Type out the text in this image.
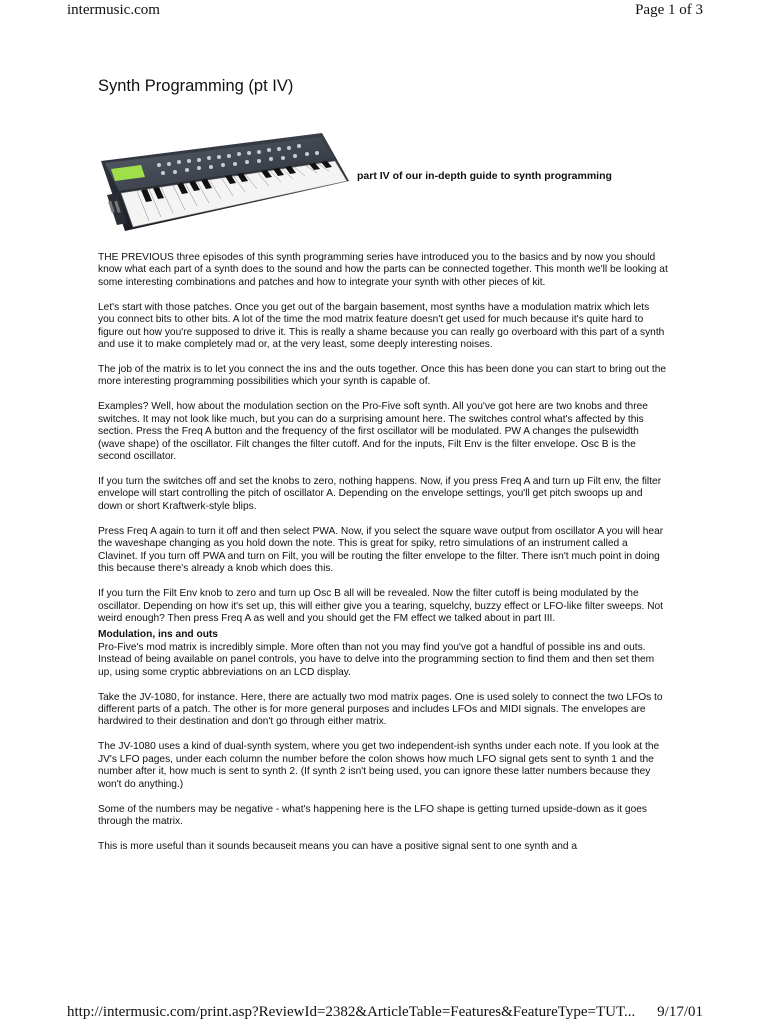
intermusic.com	Page 1 of 3
Synth Programming (pt IV)
part IV of our in-depth guide to synth programming

THE PREVIOUS three episodes of this synth programming series have introduced you to the basics and by now you should know what each part of a synth does to the sound and how the parts can be connected together. This month we'll be looking at some interesting combinations and patches and how to integrate your synth with other pieces of kit.

Let's start with those patches. Once you get out of the bargain basement, most synths have a modulation matrix which lets you connect bits to other bits. A lot of the time the mod matrix feature doesn't get used for much because it's quite hard to figure out how you're supposed to drive it. This is really a shame because you can really go overboard with this part of a synth and use it to make completely mad or, at the very least, some deeply interesting noises.

The job of the matrix is to let you connect the ins and the outs together. Once this has been done you can start to bring out the more interesting programming possibilities which your synth is capable of.

Examples? Well, how about the modulation section on the Pro-Five soft synth. All you've got here are two knobs and three switches. It may not look like much, but you can do a surprising amount here. The switches control what's affected by this section. Press the Freq A button and the frequency of the first oscillator will be modulated. PW A changes the pulsewidth (wave shape) of the oscillator. Filt changes the filter cutoff. And for the inputs, Filt Env is the filter envelope. Osc B is the second oscillator.

If you turn the switches off and set the knobs to zero, nothing happens. Now, if you press Freq A and turn up Filt env, the filter envelope will start controlling the pitch of oscillator A. Depending on the envelope settings, you'll get pitch swoops up and down or short Kraftwerk-style blips.

Press Freq A again to turn it off and then select PWA. Now, if you select the square wave output from oscillator A you will hear the waveshape changing as you hold down the note. This is great for spiky, retro simulations of an instrument called a Clavinet. If you turn off PWA and turn on Filt, you will be routing the filter envelope to the filter. There isn't much point in doing this because there's already a knob which does this.

If you turn the Filt Env knob to zero and turn up Osc B all will be revealed. Now the filter cutoff is being modulated by the oscillator. Depending on how it's set up, this will either give you a tearing, squelchy, buzzy effect or LFO-like filter sweeps. Not weird enough? Then press Freq A as well and you should get the FM effect we talked about in part III.

Modulation, ins and outs

Pro-Five's mod matrix is incredibly simple. More often than not you may find you've got a handful of possible ins and outs. Instead of being available on panel controls, you have to delve into the programming section to find them and then set them up, using some cryptic abbreviations on an LCD display.

Take the JV-1080, for instance. Here, there are actually two mod matrix pages. One is used solely to connect the two LFOs to different parts of a patch. The other is for more general purposes and includes LFOs and MIDI signals. The envelopes are hardwired to their destination and don't go through either matrix.

The JV-1080 uses a kind of dual-synth system, where you get two independent-ish synths under each note. If you look at the JV's LFO pages, under each column the number before the colon shows how much LFO signal gets sent to synth 1 and the number after it, how much is sent to synth 2. (If synth 2 isn't being used, you can ignore these latter numbers because they won't do anything.)

Some of the numbers may be negative - what's happening here is the LFO shape is getting turned upside-down as it goes through the matrix.

This is more useful than it sounds becauseit means you can have a positive signal sent to one synth and a

http://intermusic.com/print.asp?ReviewId=2382&ArticleTable=Features&FeatureType=TUT...	9/17/01
